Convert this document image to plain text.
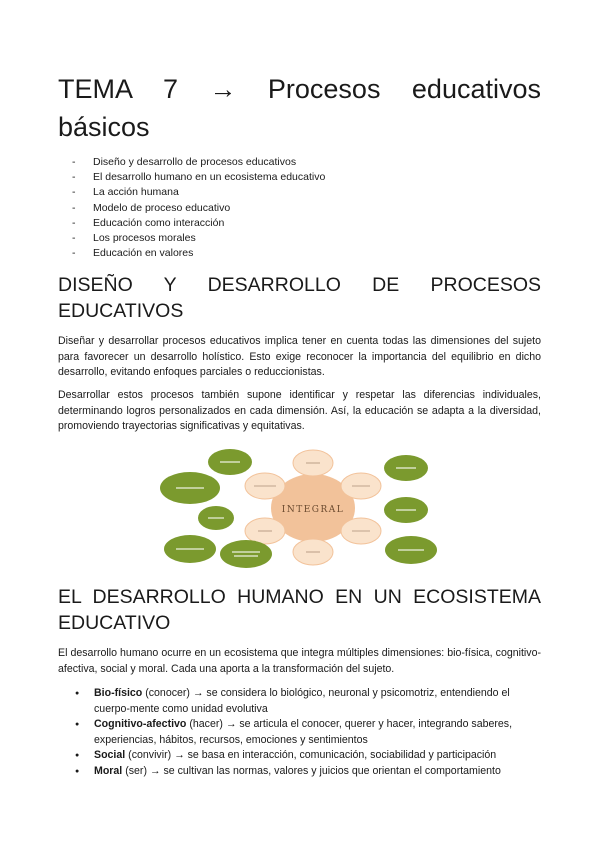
TEMA 7 → Procesos educativos básicos
- Diseño y desarrollo de procesos educativos
- El desarrollo humano en un ecosistema educativo
- La acción humana
- Modelo de proceso educativo
- Educación como interacción
- Los procesos morales
- Educación en valores
DISEÑO Y DESARROLLO DE PROCESOS EDUCATIVOS

Diseñar y desarrollar procesos educativos implica tener en cuenta todas las dimensiones del sujeto para favorecer un desarrollo holístico. Esto exige reconocer la importancia del equilibrio en dicho desarrollo, evitando enfoques parciales o reduccionistas.

Desarrollar estos procesos también supone identificar y respetar las diferencias individuales, determinando logros personalizados en cada dimensión. Así, la educación se adapta a la diversidad, promoviendo trayectorias significativas y equitativas.

INTEGRAL
EL DESARROLLO HUMANO EN UN ECOSISTEMA EDUCATIVO

El desarrollo humano ocurre en un ecosistema que integra múltiples dimensiones: bio-física, cognitivo-afectiva, social y moral. Cada una aporta a la transformación del sujeto.

● Bio-físico (conocer) → se considera lo biológico, neuronal y psicomotriz, entendiendo el cuerpo-mente como unidad evolutiva
● Cognitivo-afectivo (hacer) → se articula el conocer, querer y hacer, integrando saberes, experiencias, hábitos, recursos, emociones y sentimientos
● Social (convivir) → se basa en interacción, comunicación, sociabilidad y participación
● Moral (ser) → se cultivan las normas, valores y juicios que orientan el comportamiento
